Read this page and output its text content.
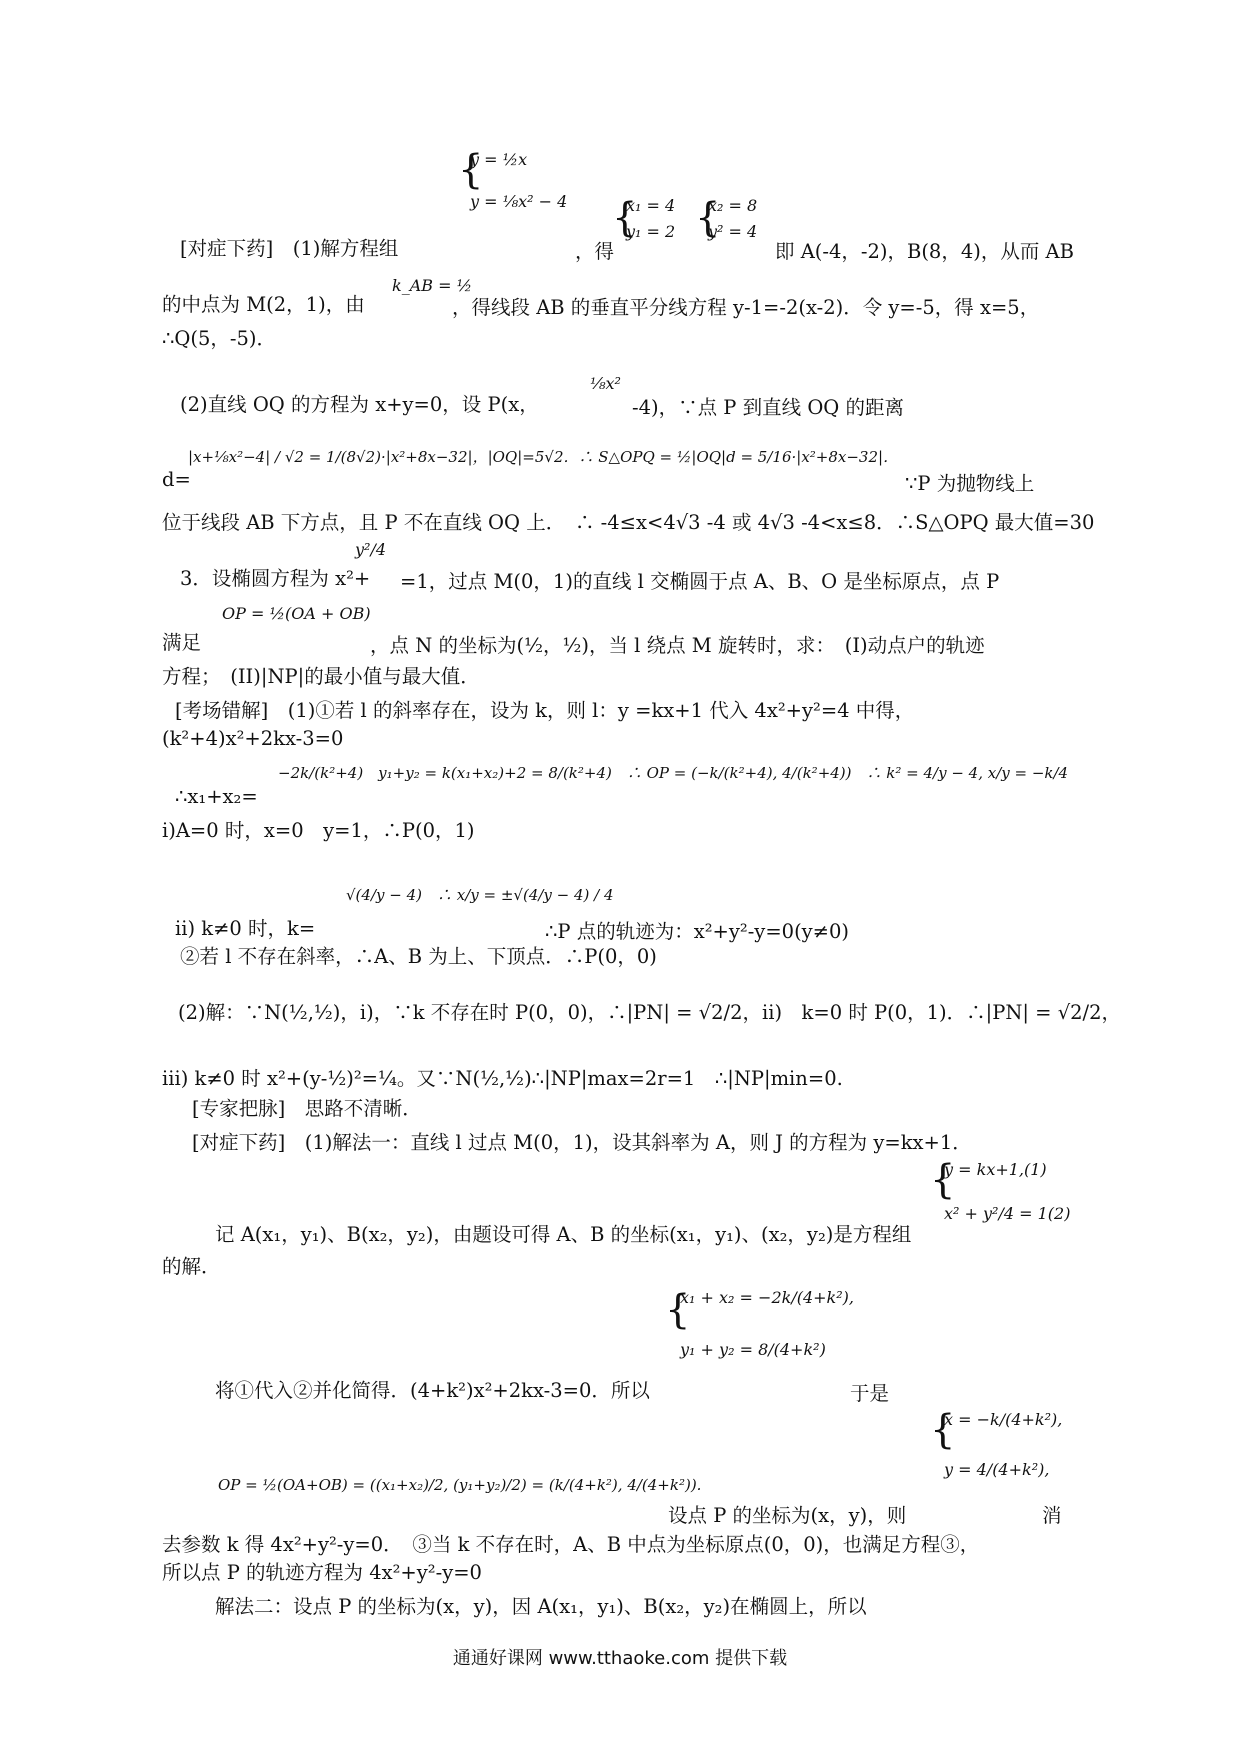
{
y = ½x
y = ⅛x² − 4
[对症下药]　(1)解方程组	，得
{
x₁ = 4
y₁ = 2 {
x₂ = 8
y² = 4
即 A(-4，-2)，B(8，4)，从而 AB
的中点为 M(2，1)，由
k_AB = ½
，得线段 AB 的垂直平分线方程 y-1=-2(x-2)．令 y=-5，得 x=5，
∴Q(5，-5)．
(2)直线 OQ 的方程为 x+y=0，设 P(x，
⅛x²
-4)，∵点 P 到直线 OQ 的距离
d=
|x+⅛x²−4| / √2 = 1/(8√2)·|x²+8x−32|，|OQ|=5√2．∴ S△OPQ = ½|OQ|d = 5/16·|x²+8x−32|．
∵P 为抛物线上
位于线段 AB 下方点，且 P 不在直线 OQ 上．　∴ -4≤x<4√3 -4 或 4√3 -4<x≤8．∴S△OPQ 最大值=30
y²/4
3．设椭圆方程为 x²+ =1，过点 M(0，1)的直线 l 交椭圆于点 A、B、O 是坐标原点，点 P
满足
OP = ½(OA + OB)
，点 N 的坐标为(½，½)，当 l 绕点 M 旋转时，求：　(I)动点户的轨迹
方程；　(II)|NP|的最小值与最大值．
[考场错解]　(1)①若 l 的斜率存在，设为 k，则 l：y =kx+1 代入 4x²+y²=4 中得，
(k²+4)x²+2kx-3=0
∴x₁+x₂=
−2k/(k²+4)　y₁+y₂ = k(x₁+x₂)+2 = 8/(k²+4)　∴ OP = (−k/(k²+4), 4/(k²+4))　∴ k² = 4/y − 4, x/y = −k/4
i)A=0 时，x=0　y=1，∴P(0，1)
ii) k≠0 时，k=
√(4/y − 4)　∴ x/y = ±√(4/y − 4) / 4
∴P 点的轨迹为：x²+y²-y=0(y≠0)
②若 l 不存在斜率，∴A、B 为上、下顶点．∴P(0，0)
(2)解：∵N(½,½)，i)，∵k 不存在时 P(0，0)，∴|PN| = √2/2，ii)　k=0 时 P(0，1)．∴|PN| = √2/2，
iii) k≠0 时 x²+(y-½)²=¼。又∵N(½,½)∴|NP|max=2r=1　∴|NP|min=0.
[专家把脉]　思路不清晰．
[对症下药]　(1)解法一：直线 l 过点 M(0，1)，设其斜率为 A，则 J 的方程为 y=kx+1．
{
y = kx+1,(1)
x² + y²/4 = 1(2)
记 A(x₁，y₁)、B(x₂，y₂)，由题设可得 A、B 的坐标(x₁，y₁)、(x₂，y₂)是方程组
的解．
{
x₁ + x₂ = −2k/(4+k²),
y₁ + y₂ = 8/(4+k²)
将①代入②并化简得．(4+k²)x²+2kx-3=0．所以	于是
{
x = −k/(4+k²),
y = 4/(4+k²),
OP = ½(OA+OB) = ((x₁+x₂)/2, (y₁+y₂)/2) = (k/(4+k²), 4/(4+k²)).
设点 P 的坐标为(x，y)，则	消
去参数 k 得 4x²+y²-y=0．　③当 k 不存在时，A、B 中点为坐标原点(0，0)，也满足方程③，
所以点 P 的轨迹方程为 4x²+y²-y=0
解法二：设点 P 的坐标为(x，y)，因 A(x₁，y₁)、B(x₂，y₂)在椭圆上，所以
通通好课网 www.tthaoke.com 提供下载
